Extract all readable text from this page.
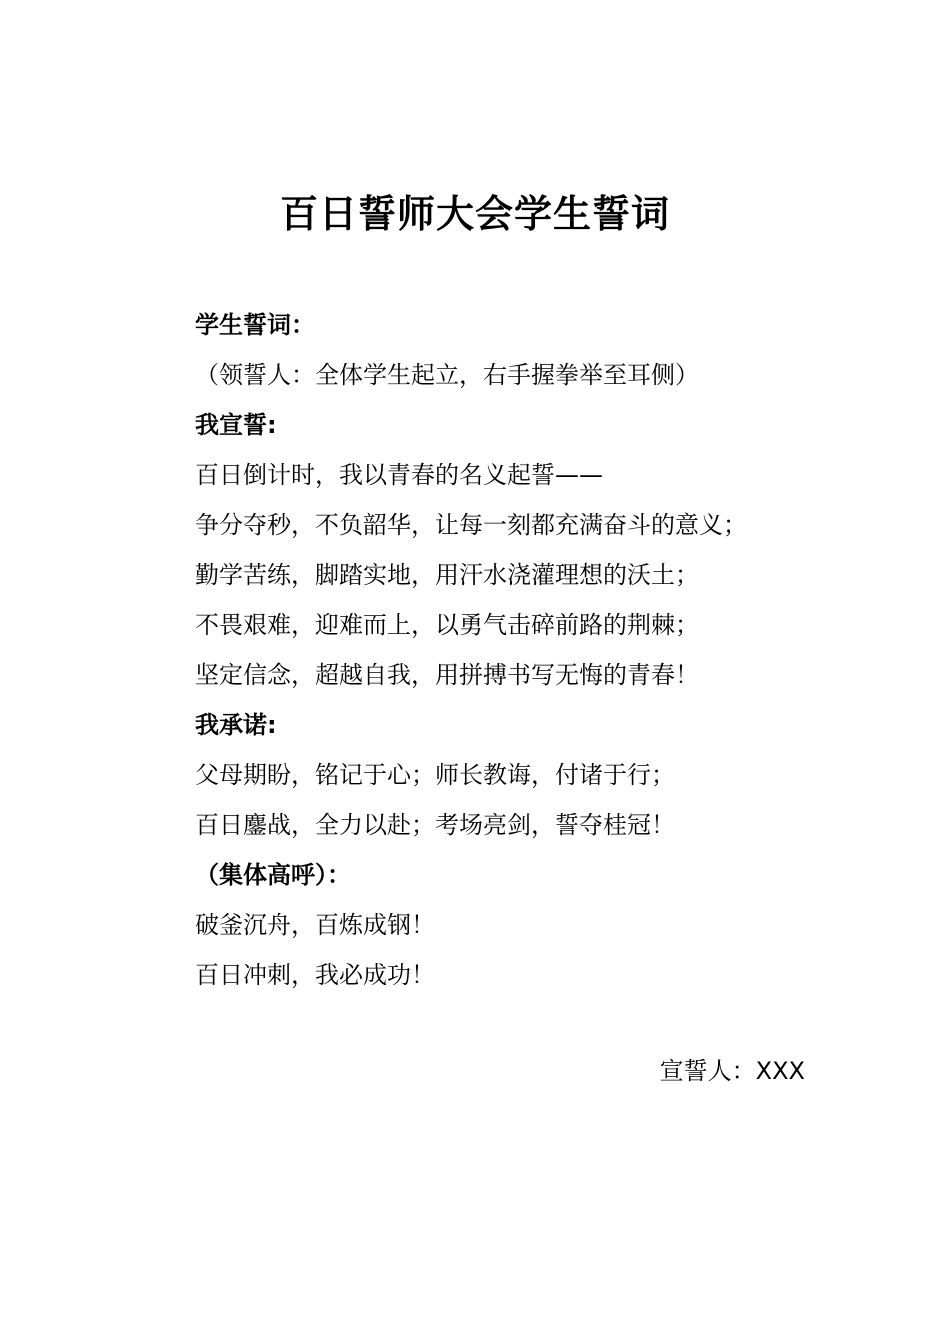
百日誓师大会学生誓词
学生誓词：
（领誓人：全体学生起立，右手握拳举至耳侧）
我宣誓:
百日倒计时，我以青春的名义起誓——
争分夺秒，不负韶华，让每一刻都充满奋斗的意义；
勤学苦练，脚踏实地，用汗水浇灌理想的沃土；
不畏艰难，迎难而上，以勇气击碎前路的荆棘；
坚定信念，超越自我，用拼搏书写无悔的青春！
我承诺:
父母期盼，铭记于心；师长教诲，付诸于行；
百日鏖战，全力以赴；考场亮剑，誓夺桂冠！
（集体高呼）：
破釜沉舟，百炼成钢！
百日冲刺，我必成功！
宣誓人：XXX
